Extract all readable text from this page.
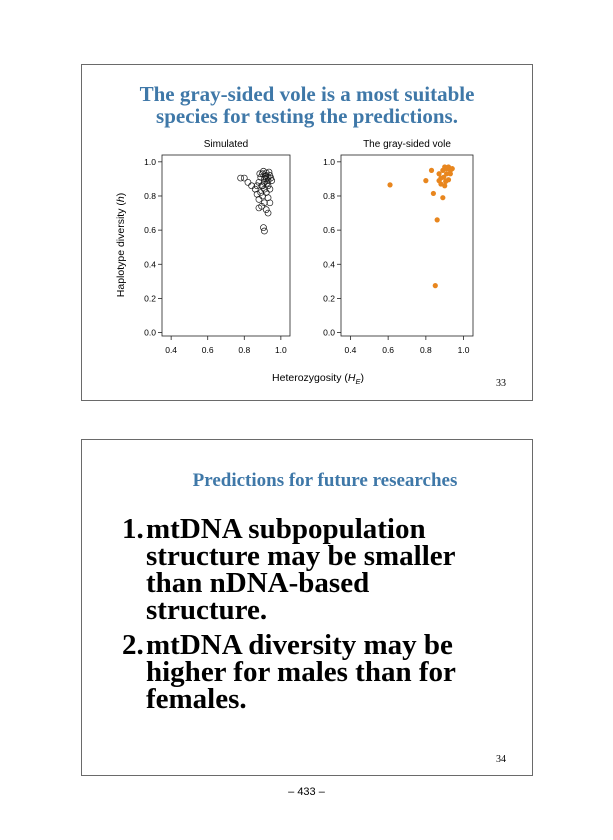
The gray-sided vole is a most suitable
species for testing the predictions.
Simulated
0.0
0.2
0.4
0.6
0.8
1.0
0.4	0.6	0.8	1.0
The gray-sided vole
0.0
0.2
0.4
0.6
0.8
1.0
0.4	0.6	0.8	1.0
Heterozygosity $(H_E)$
Haplotype diversity (h)
33
Predictions for future researches
1. mtDNA subpopulation
structure may be smaller
than nDNA-based
structure.
2. mtDNA diversity may be
higher for males than for
females.
34
– 433 –
